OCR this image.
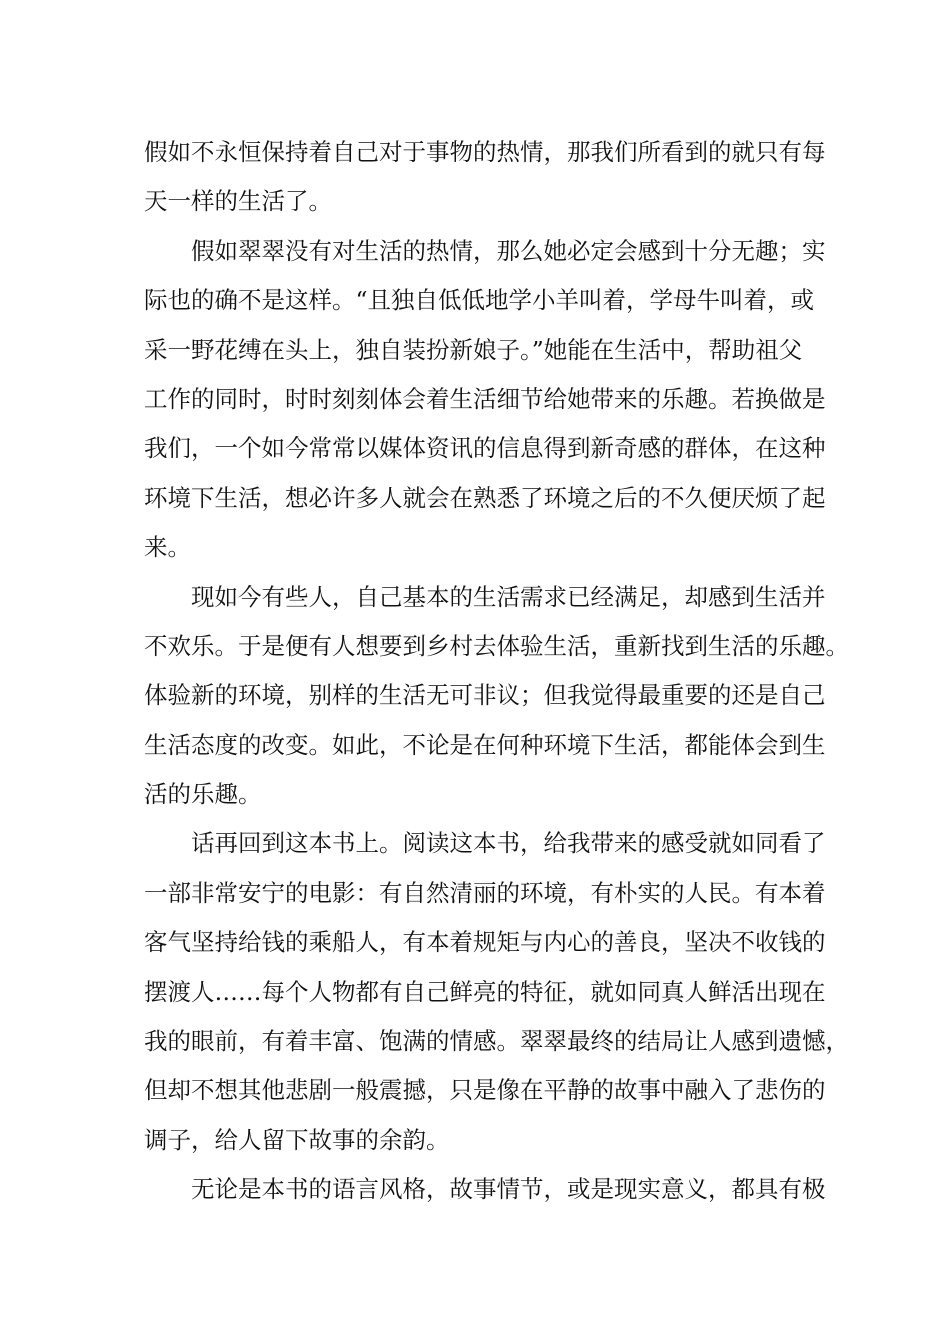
假如不永恒保持着自己对于事物的热情，那我们所看到的就只有每
天一样的生活了。
假如翠翠没有对生活的热情，那么她必定会感到十分无趣；实
际也的确不是这样。“且独自低低地学小羊叫着，学母牛叫着，或
采一野花缚在头上，独自装扮新娘子。”她能在生活中，帮助祖父
工作的同时，时时刻刻体会着生活细节给她带来的乐趣。若换做是
我们，一个如今常常以媒体资讯的信息得到新奇感的群体，在这种
环境下生活，想必许多人就会在熟悉了环境之后的不久便厌烦了起
来。
现如今有些人，自己基本的生活需求已经满足，却感到生活并
不欢乐。于是便有人想要到乡村去体验生活，重新找到生活的乐趣。
体验新的环境，别样的生活无可非议；但我觉得最重要的还是自己
生活态度的改变。如此，不论是在何种环境下生活，都能体会到生
活的乐趣。
话再回到这本书上。阅读这本书，给我带来的感受就如同看了
一部非常安宁的电影：有自然清丽的环境，有朴实的人民。有本着
客气坚持给钱的乘船人，有本着规矩与内心的善良，坚决不收钱的
摆渡人……每个人物都有自己鲜亮的特征，就如同真人鲜活出现在
我的眼前，有着丰富、饱满的情感。翠翠最终的结局让人感到遗憾，
但却不想其他悲剧一般震撼，只是像在平静的故事中融入了悲伤的
调子，给人留下故事的余韵。
无论是本书的语言风格，故事情节，或是现实意义，都具有极
